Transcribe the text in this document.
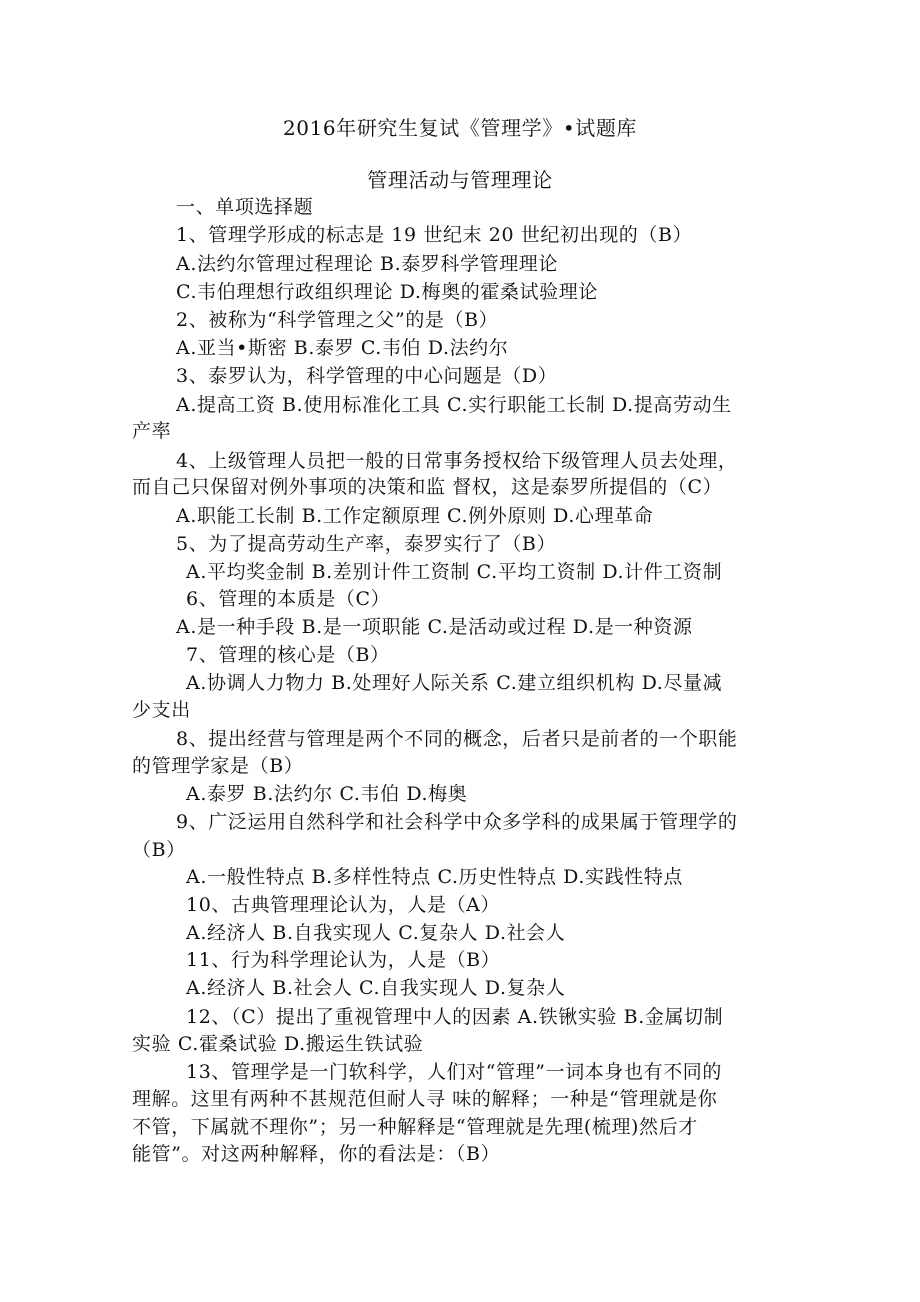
2016年研究生复试《管理学》•试题库
管理活动与管理理论
一、单项选择题
1、管理学形成的标志是 19 世纪末 20 世纪初出现的（B）
A.法约尔管理过程理论 B.泰罗科学管理理论
C.韦伯理想行政组织理论 D.梅奥的霍桑试验理论
2、被称为“科学管理之父”的是（B）
A.亚当•斯密 B.泰罗 C.韦伯 D.法约尔
3、泰罗认为，科学管理的中心问题是（D）
A.提高工资 B.使用标准化工具 C.实行职能工长制 D.提高劳动生
产率
4、上级管理人员把一般的日常事务授权给下级管理人员去处理，
而自己只保留对例外事项的决策和监 督权，这是泰罗所提倡的（C）
A.职能工长制 B.工作定额原理 C.例外原则 D.心理革命
5、为了提高劳动生产率，泰罗实行了（B）
A.平均奖金制 B.差别计件工资制 C.平均工资制 D.计件工资制
6、管理的本质是（C）
A.是一种手段 B.是一项职能 C.是活动或过程 D.是一种资源
7、管理的核心是（B）
A.协调人力物力 B.处理好人际关系 C.建立组织机构 D.尽量减
少支出
8、提出经营与管理是两个不同的概念，后者只是前者的一个职能
的管理学家是（B）
A.泰罗 B.法约尔 C.韦伯 D.梅奥
9、广泛运用自然科学和社会科学中众多学科的成果属于管理学的
（B）
A.一般性特点 B.多样性特点 C.历史性特点 D.实践性特点
10、古典管理理论认为，人是（A）
A.经济人 B.自我实现人 C.复杂人 D.社会人
11、行为科学理论认为，人是（B）
A.经济人 B.社会人 C.自我实现人 D.复杂人
12、（C）提出了重视管理中人的因素 A.铁锹实验 B.金属切制
实验 C.霍桑试验 D.搬运生铁试验
13、管理学是一门软科学，人们对“管理”一词本身也有不同的
理解。这里有两种不甚规范但耐人寻 味的解释；一种是“管理就是你
不管，下属就不理你”；另一种解释是“管理就是先理(梳理)然后才
能管”。对这两种解释，你的看法是：（B）
